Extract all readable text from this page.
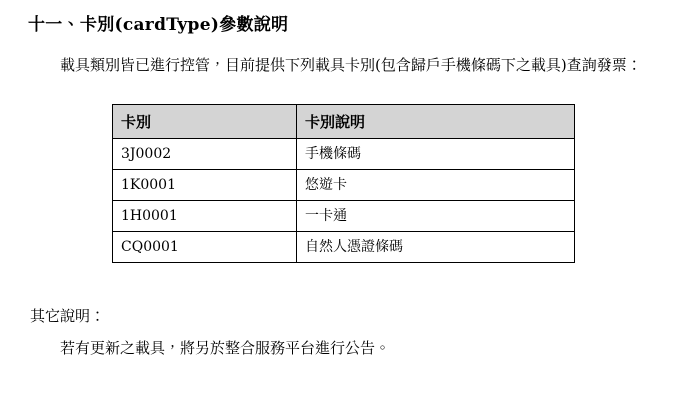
十一、卡別(cardType)參數說明

載具類別皆已進行控管，目前提供下列載具卡別(包含歸戶手機條碼下之載具)查詢發票：

卡別	卡別說明
3J0002	手機條碼
1K0001	悠遊卡
1H0001	一卡通
CQ0001	自然人憑證條碼

其它說明：

若有更新之載具，將另於整合服務平台進行公告。
